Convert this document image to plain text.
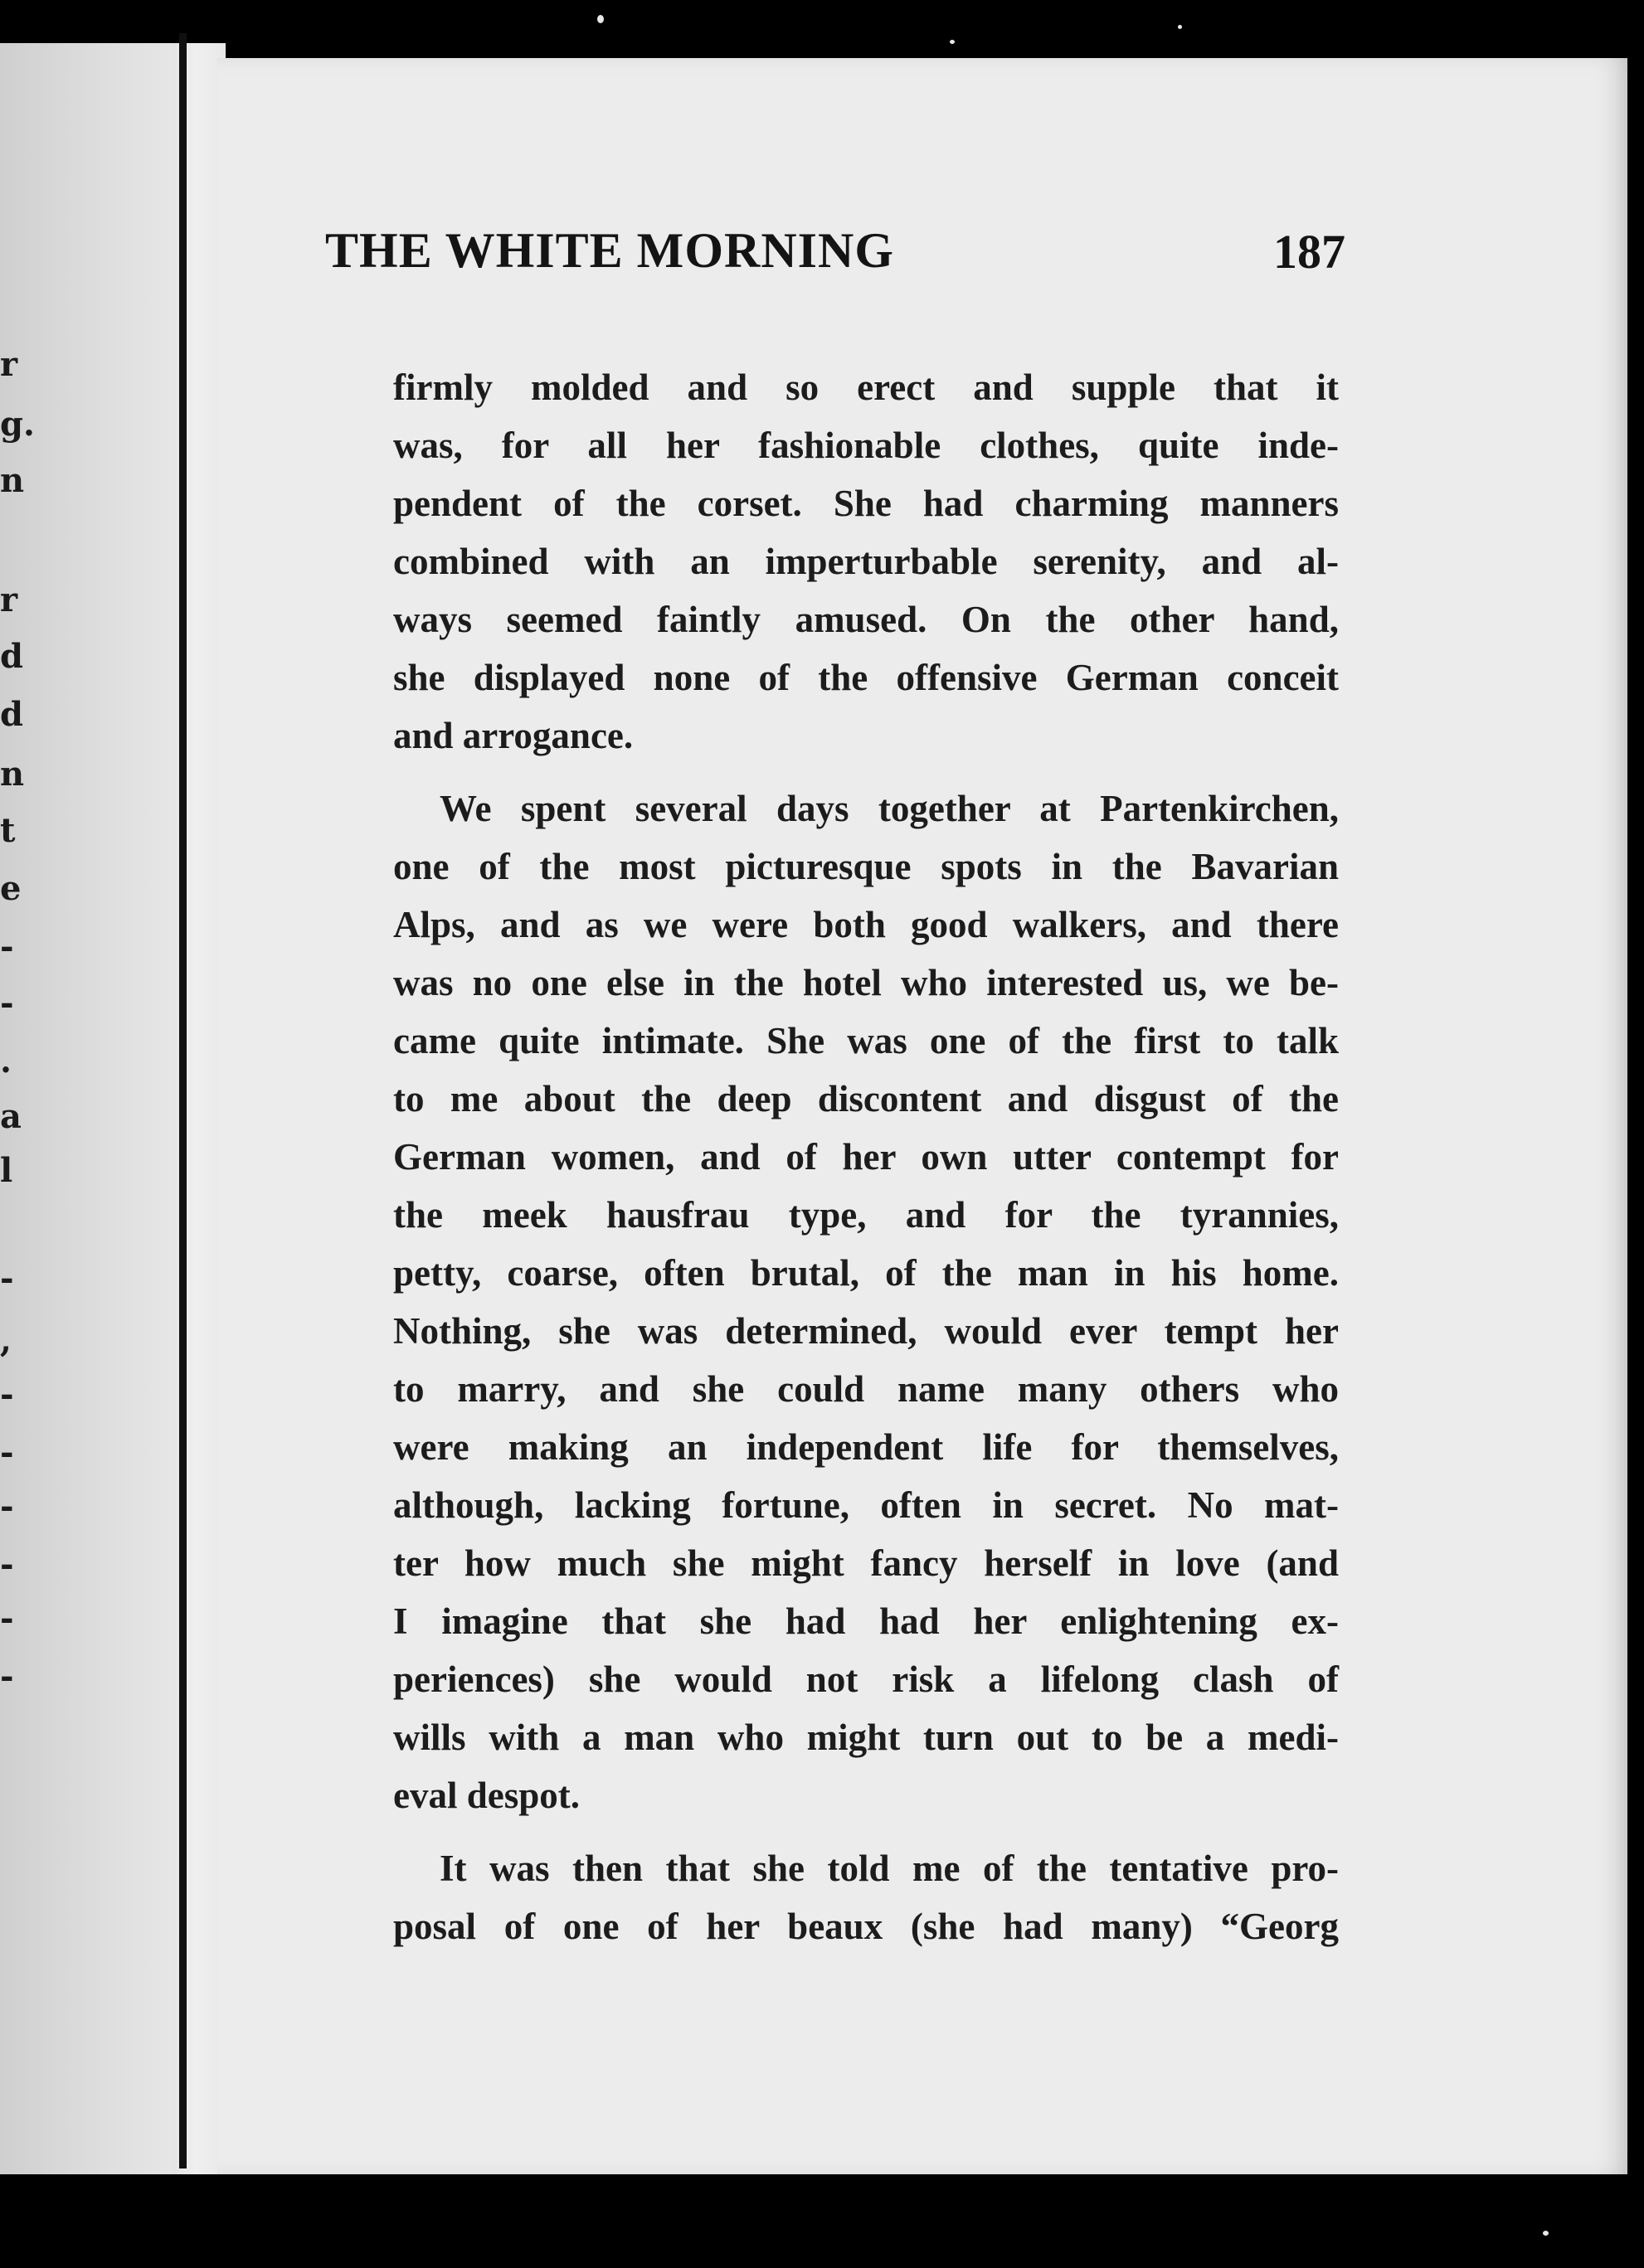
r
g.
n
r
d
d
n
t
e
-
-
.
a
l
-
,
-
-
-
-
-
-
THE WHITE MORNING	187

firmly molded and so erect and supple that it
was, for all her fashionable clothes, quite inde-
pendent of the corset. She had charming manners
combined with an imperturbable serenity, and al-
ways seemed faintly amused. On the other hand,
she displayed none of the offensive German conceit
and arrogance.

We spent several days together at Partenkirchen,
one of the most picturesque spots in the Bavarian
Alps, and as we were both good walkers, and there
was no one else in the hotel who interested us, we be-
came quite intimate. She was one of the first to talk
to me about the deep discontent and disgust of the
German women, and of her own utter contempt for
the meek hausfrau type, and for the tyrannies,
petty, coarse, often brutal, of the man in his home.
Nothing, she was determined, would ever tempt her
to marry, and she could name many others who
were making an independent life for themselves,
although, lacking fortune, often in secret. No mat-
ter how much she might fancy herself in love (and
I imagine that she had had her enlightening ex-
periences) she would not risk a lifelong clash of
wills with a man who might turn out to be a medi-
eval despot.

It was then that she told me of the tentative pro-
posal of one of her beaux (she had many) “Georg
